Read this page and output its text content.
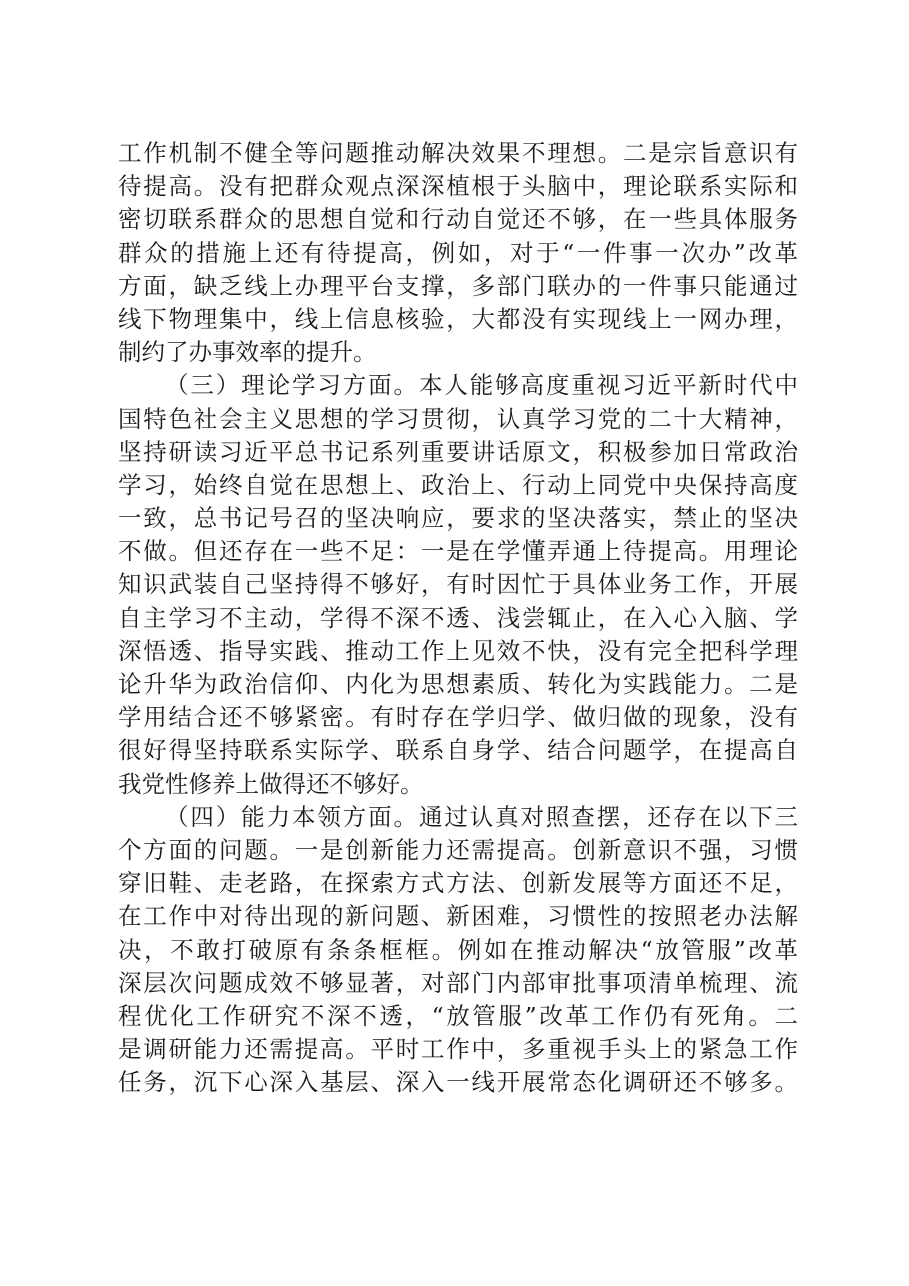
工作机制不健全等问题推动解决效果不理想。二是宗旨意识有
待提高。没有把群众观点深深植根于头脑中，理论联系实际和
密切联系群众的思想自觉和行动自觉还不够，在一些具体服务
群众的措施上还有待提高，例如，对于“一件事一次办”改革
方面，缺乏线上办理平台支撑，多部门联办的一件事只能通过
线下物理集中，线上信息核验，大都没有实现线上一网办理，
制约了办事效率的提升。
（三）理论学习方面。本人能够高度重视习近平新时代中
国特色社会主义思想的学习贯彻，认真学习党的二十大精神，
坚持研读习近平总书记系列重要讲话原文，积极参加日常政治
学习，始终自觉在思想上、政治上、行动上同党中央保持高度
一致，总书记号召的坚决响应，要求的坚决落实，禁止的坚决
不做。但还存在一些不足：一是在学懂弄通上待提高。用理论
知识武装自己坚持得不够好，有时因忙于具体业务工作，开展
自主学习不主动，学得不深不透、浅尝辄止，在入心入脑、学
深悟透、指导实践、推动工作上见效不快，没有完全把科学理
论升华为政治信仰、内化为思想素质、转化为实践能力。二是
学用结合还不够紧密。有时存在学归学、做归做的现象，没有
很好得坚持联系实际学、联系自身学、结合问题学，在提高自
我党性修养上做得还不够好。
（四）能力本领方面。通过认真对照查摆，还存在以下三
个方面的问题。一是创新能力还需提高。创新意识不强，习惯
穿旧鞋、走老路，在探索方式方法、创新发展等方面还不足，
在工作中对待出现的新问题、新困难，习惯性的按照老办法解
决，不敢打破原有条条框框。例如在推动解决“放管服”改革
深层次问题成效不够显著，对部门内部审批事项清单梳理、流
程优化工作研究不深不透，“放管服”改革工作仍有死角。二
是调研能力还需提高。平时工作中，多重视手头上的紧急工作
任务，沉下心深入基层、深入一线开展常态化调研还不够多。
